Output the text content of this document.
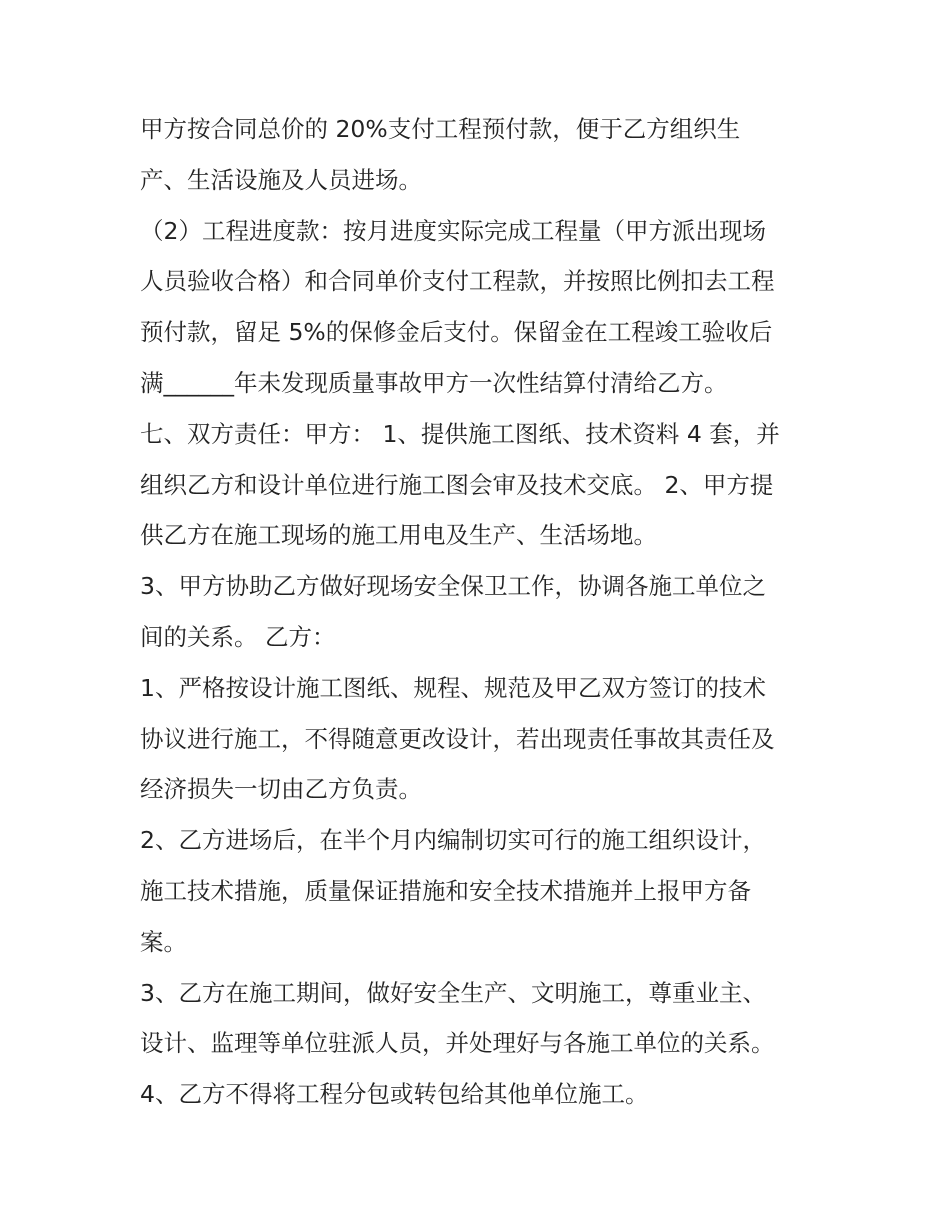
甲方按合同总价的 20%支付工程预付款，便于乙方组织生
产、生活设施及人员进场。
（2）工程进度款：按月进度实际完成工程量（甲方派出现场
人员验收合格）和合同单价支付工程款，并按照比例扣去工程
预付款，留足 5%的保修金后支付。保留金在工程竣工验收后
满______年未发现质量事故甲方一次性结算付清给乙方。
七、双方责任：甲方： 1、提供施工图纸、技术资料 4 套，并
组织乙方和设计单位进行施工图会审及技术交底。 2、甲方提
供乙方在施工现场的施工用电及生产、生活场地。
3、甲方协助乙方做好现场安全保卫工作，协调各施工单位之
间的关系。 乙方：
1、严格按设计施工图纸、规程、规范及甲乙双方签订的技术
协议进行施工，不得随意更改设计，若出现责任事故其责任及
经济损失一切由乙方负责。
2、乙方进场后，在半个月内编制切实可行的施工组织设计，
施工技术措施，质量保证措施和安全技术措施并上报甲方备
案。
3、乙方在施工期间，做好安全生产、文明施工，尊重业主、
设计、监理等单位驻派人员，并处理好与各施工单位的关系。
4、乙方不得将工程分包或转包给其他单位施工。
